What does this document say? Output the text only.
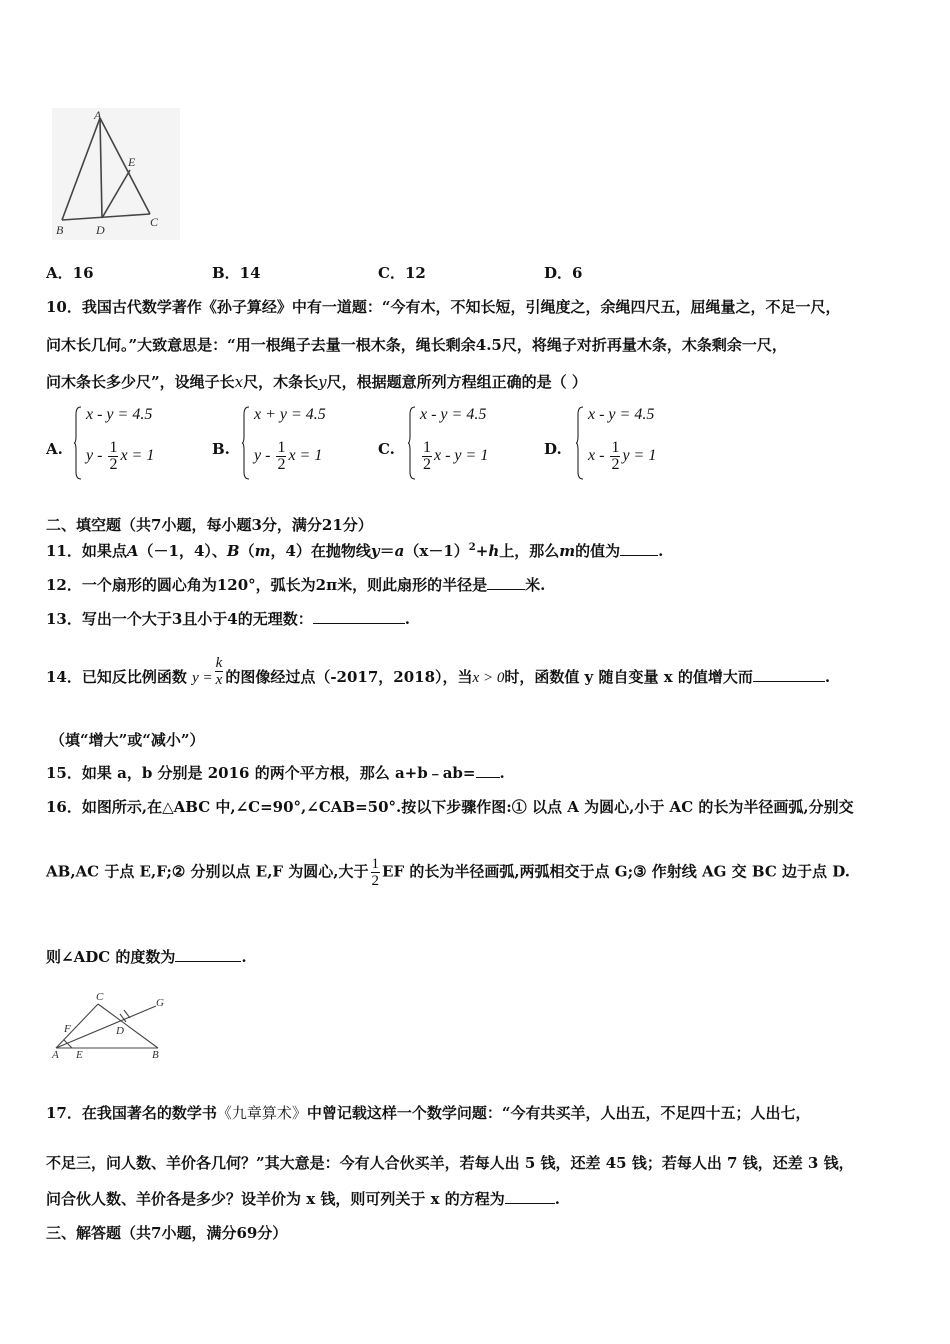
A
E
B	D
C
A．16	B．14	C．12	D．6
10．我国古代数学著作《孙子算经》中有一道题：“今有木，不知长短，引绳度之，余绳四尺五，屈绳量之，不足一尺，
问木长几何。”大致意思是：“用一根绳子去量一根木条，绳长剩余4.5尺，将绳子对折再量木条，木条剩余一尺，
问木条长多少尺”，设绳子长x尺，木条长y尺，根据题意所列方程组正确的是（ ）
A.
x - y = 4.5
y - $\frac{1}{2}$ x = 1	B.
x + y = 4.5
y - $\frac{1}{2}$ x = 1	C.
x - y = 4.5
$\frac{1}{2}$ x - y = 1	D.
x - y = 4.5
x - $\frac{1}{2}$ y = 1
二、填空题（共7小题，每小题3分，满分21分）
11．如果点A（－1，4）、B（m，4）在抛物线$y=a(x-1)^2+h$上，那么m的值为	.
12．一个扇形的圆心角为120°，弧长为2π米，则此扇形的半径是	米.
13．写出一个大于3且小于4的无理数：	.
14．已知反比例函数 $y = \frac{k}{x}$ 的图像经过点（-2017，2018），当x > 0时，函数值 y 随自变量 x 的值增大而	.
（填“增大”或“减小”）
15．如果 a，b 分别是 2016 的两个平方根，那么 a+b﹣ab= .
16．如图所示,在△ABC 中,∠C=90°,∠CAB=50°.按以下步骤作图:① 以点 A 为圆心,小于 AC 的长为半径画弧,分别交
AB,AC 于点 E,F;② 分别以点 E,F 为圆心,大于 $\frac{1}{2}$ EF 的长为半径画弧,两弧相交于点 G;③ 作射线 AG 交 BC 边于点 D.
则∠ADC 的度数为	.
C	G
F	D
A E	B
17．在我国著名的数学书《九章算术》中曾记载这样一个数学问题：“今有共买羊，人出五，不足四十五；人出七，
不足三，问人数、羊价各几何？”其大意是：今有人合伙买羊，若每人出 5 钱，还差 45 钱；若每人出 7 钱，还差 3 钱，
问合伙人数、羊价各是多少？设羊价为 x 钱，则可列关于 x 的方程为	.
三、解答题（共7小题，满分69分）
